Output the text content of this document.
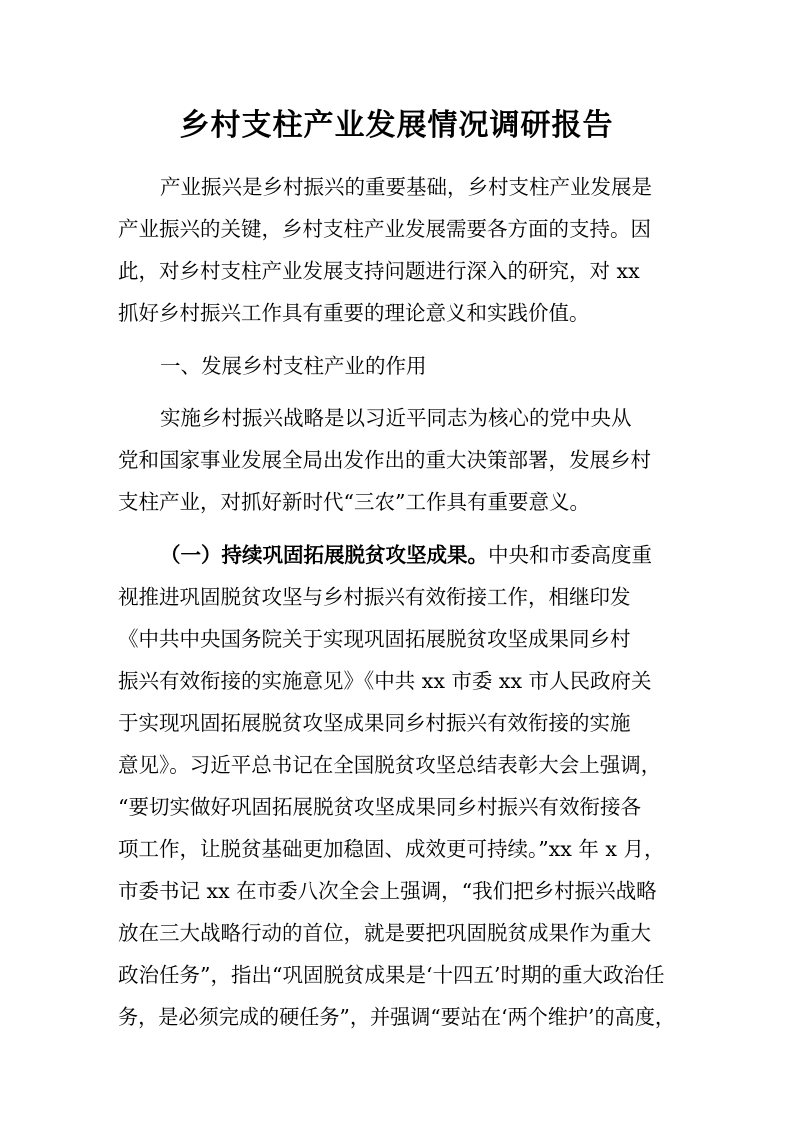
乡村支柱产业发展情况调研报告
产业振兴是乡村振兴的重要基础，乡村支柱产业发展是
产业振兴的关键，乡村支柱产业发展需要各方面的支持。因
此，对乡村支柱产业发展支持问题进行深入的研究，对 xx
抓好乡村振兴工作具有重要的理论意义和实践价值。
一、发展乡村支柱产业的作用
实施乡村振兴战略是以习近平同志为核心的党中央从
党和国家事业发展全局出发作出的重大决策部署，发展乡村
支柱产业，对抓好新时代“三农”工作具有重要意义。
（一）持续巩固拓展脱贫攻坚成果。中央和市委高度重
视推进巩固脱贫攻坚与乡村振兴有效衔接工作，相继印发
《中共中央国务院关于实现巩固拓展脱贫攻坚成果同乡村
振兴有效衔接的实施意见》《中共 xx 市委 xx 市人民政府关
于实现巩固拓展脱贫攻坚成果同乡村振兴有效衔接的实施
意见》。习近平总书记在全国脱贫攻坚总结表彰大会上强调，
“要切实做好巩固拓展脱贫攻坚成果同乡村振兴有效衔接各
项工作，让脱贫基础更加稳固、成效更可持续。”xx 年 x 月，
市委书记 xx 在市委八次全会上强调，“我们把乡村振兴战略
放在三大战略行动的首位，就是要把巩固脱贫成果作为重大
政治任务”，指出“巩固脱贫成果是‘十四五’时期的重大政治任
务，是必须完成的硬任务”，并强调“要站在‘两个维护’的高度，
